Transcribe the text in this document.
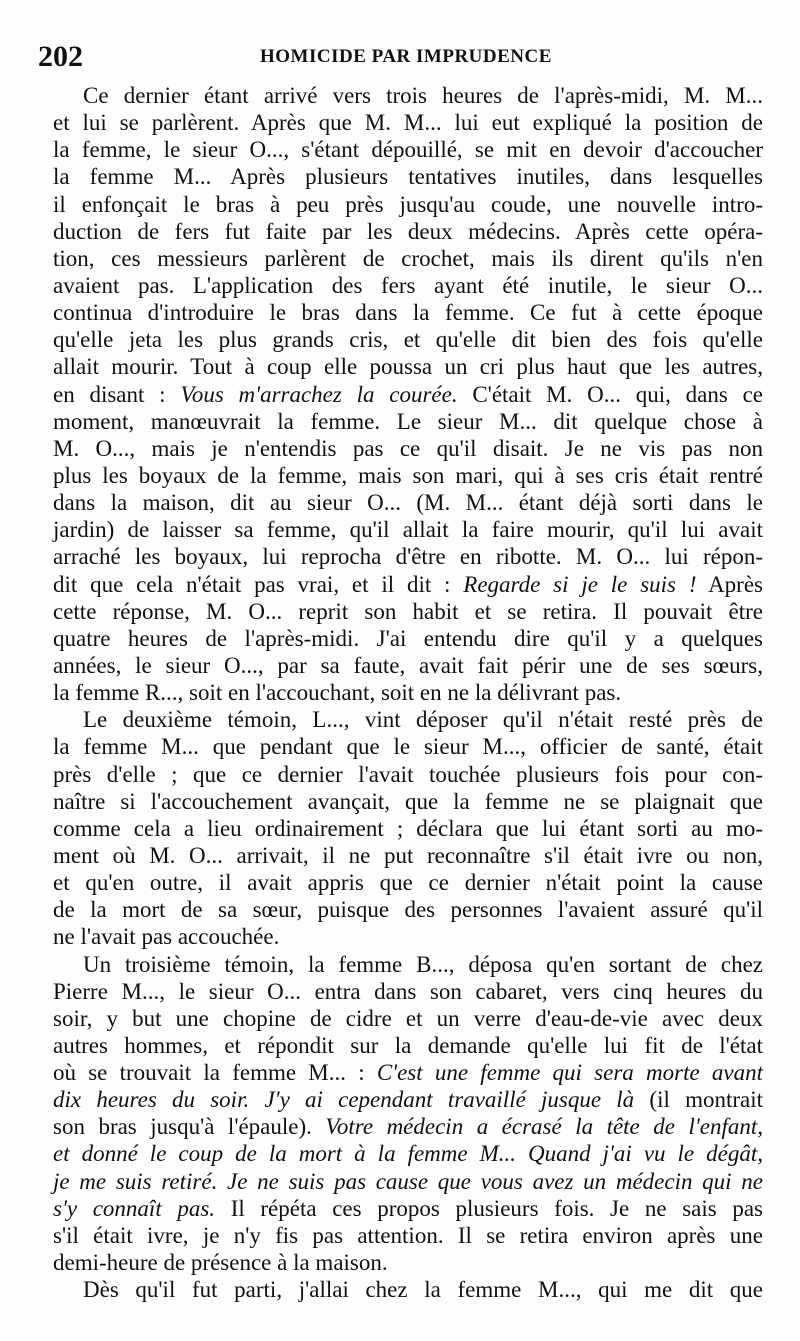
202	HOMICIDE PAR IMPRUDENCE
Ce dernier étant arrivé vers trois heures de l'après-midi, M. M...
et lui se parlèrent. Après que M. M... lui eut expliqué la position de
la femme, le sieur O..., s'étant dépouillé, se mit en devoir d'accoucher
la femme M... Après plusieurs tentatives inutiles, dans lesquelles
il enfonçait le bras à peu près jusqu'au coude, une nouvelle intro-
duction de fers fut faite par les deux médecins. Après cette opéra-
tion, ces messieurs parlèrent de crochet, mais ils dirent qu'ils n'en
avaient pas. L'application des fers ayant été inutile, le sieur O...
continua d'introduire le bras dans la femme. Ce fut à cette époque
qu'elle jeta les plus grands cris, et qu'elle dit bien des fois qu'elle
allait mourir. Tout à coup elle poussa un cri plus haut que les autres,
en disant : Vous m'arrachez la courée. C'était M. O... qui, dans ce
moment, manœuvrait la femme. Le sieur M... dit quelque chose à
M. O..., mais je n'entendis pas ce qu'il disait. Je ne vis pas non
plus les boyaux de la femme, mais son mari, qui à ses cris était rentré
dans la maison, dit au sieur O... (M. M... étant déjà sorti dans le
jardin) de laisser sa femme, qu'il allait la faire mourir, qu'il lui avait
arraché les boyaux, lui reprocha d'être en ribotte. M. O... lui répon-
dit que cela n'était pas vrai, et il dit : Regarde si je le suis ! Après
cette réponse, M. O... reprit son habit et se retira. Il pouvait être
quatre heures de l'après-midi. J'ai entendu dire qu'il y a quelques
années, le sieur O..., par sa faute, avait fait périr une de ses sœurs,
la femme R..., soit en l'accouchant, soit en ne la délivrant pas.
Le deuxième témoin, L..., vint déposer qu'il n'était resté près de
la femme M... que pendant que le sieur M..., officier de santé, était
près d'elle ; que ce dernier l'avait touchée plusieurs fois pour con-
naître si l'accouchement avançait, que la femme ne se plaignait que
comme cela a lieu ordinairement ; déclara que lui étant sorti au mo-
ment où M. O... arrivait, il ne put reconnaître s'il était ivre ou non,
et qu'en outre, il avait appris que ce dernier n'était point la cause
de la mort de sa sœur, puisque des personnes l'avaient assuré qu'il
ne l'avait pas accouchée.
Un troisième témoin, la femme B..., déposa qu'en sortant de chez
Pierre M..., le sieur O... entra dans son cabaret, vers cinq heures du
soir, y but une chopine de cidre et un verre d'eau-de-vie avec deux
autres hommes, et répondit sur la demande qu'elle lui fit de l'état
où se trouvait la femme M... : C'est une femme qui sera morte avant
dix heures du soir. J'y ai cependant travaillé jusque là (il montrait
son bras jusqu'à l'épaule). Votre médecin a écrasé la tête de l'enfant,
et donné le coup de la mort à la femme M... Quand j'ai vu le dégât,
je me suis retiré. Je ne suis pas cause que vous avez un médecin qui ne
s'y connaît pas. Il répéta ces propos plusieurs fois. Je ne sais pas
s'il était ivre, je n'y fis pas attention. Il se retira environ après une
demi-heure de présence à la maison.
Dès qu'il fut parti, j'allai chez la femme M..., qui me dit que
